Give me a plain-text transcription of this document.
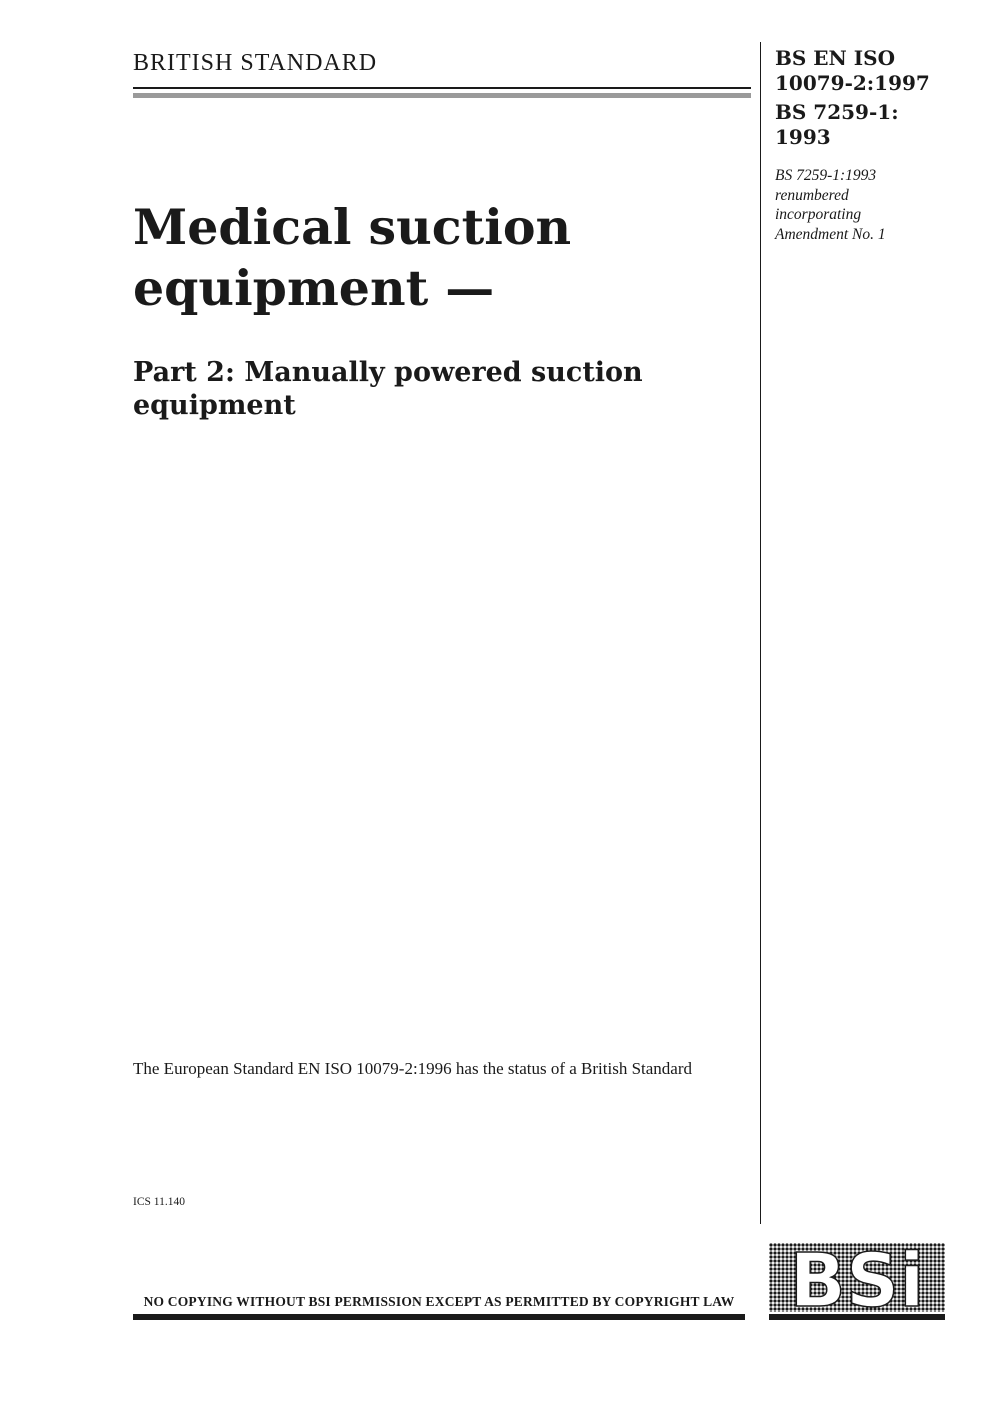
BRITISH STANDARD	BS EN ISO 10079-2:1997
BS 7259-1: 1993
BS 7259-1:1993
renumbered
incorporating
Amendment No. 1
Medical suction equipment —
Part 2: Manually powered suction equipment

The European Standard EN ISO 10079-2:1996 has the status of a British Standard

ICS 11.140
NO COPYING WITHOUT BSI PERMISSION EXCEPT AS PERMITTED BY COPYRIGHT LAW BSi
